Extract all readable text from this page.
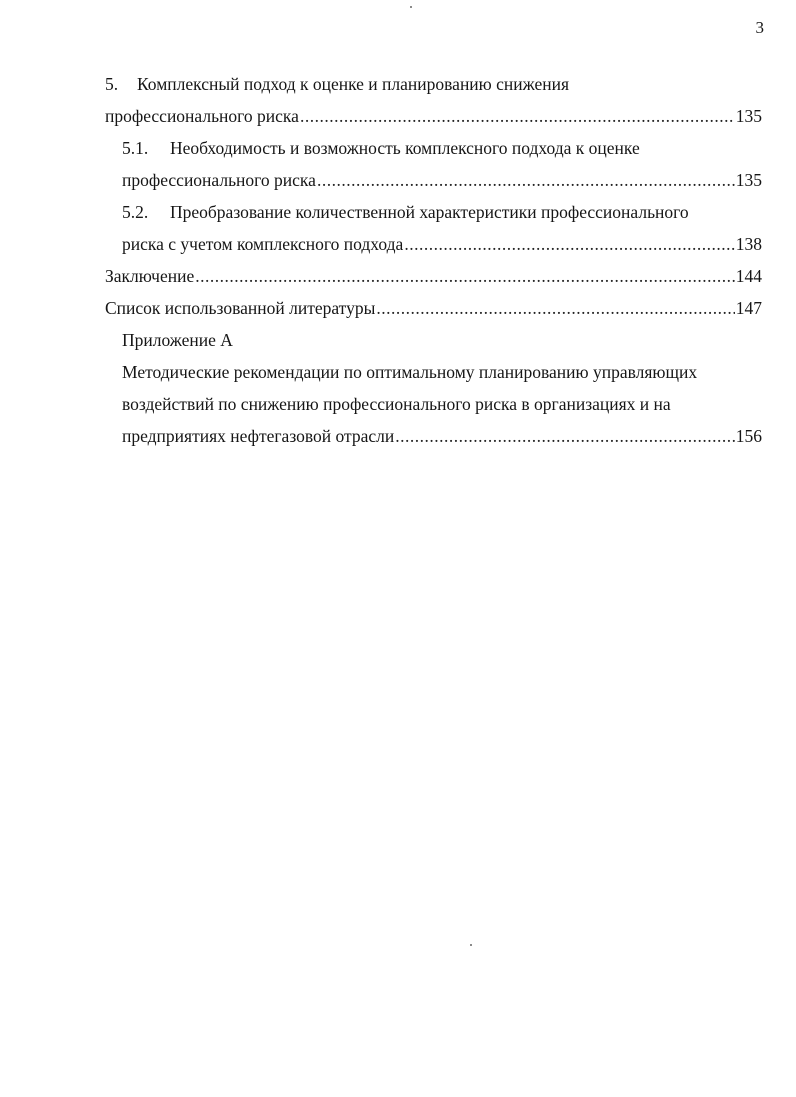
3
5. Комплексный подход к оценке и планированию снижения
профессионального риска .....	135
5.1. Необходимость и возможность комплексного подхода к оценке
профессионального риска .....	135
5.2. Преобразование количественной характеристики профессионального
риска с учетом комплексного подхода .....	138
Заключение .....	144
Список использованной литературы .....	147
Приложение А
Методические рекомендации по оптимальному планированию управляющих
воздействий по снижению профессионального риска в организациях и на
предприятиях нефтегазовой отрасли .....	156
